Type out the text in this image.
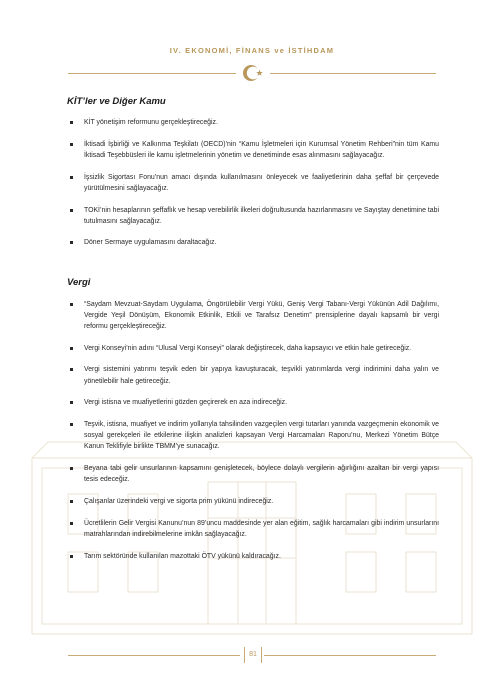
IV. EKONOMİ, FİNANS ve İSTİHDAM
KİT’ler ve Diğer Kamu
KİT yönetişim reformunu gerçekleştireceğiz.
İktisadi İşbirliği ve Kalkınma Teşkilatı (OECD)’nin “Kamu İşletmeleri için Kurumsal Yönetim Rehberi”nin tüm Kamu İktisadi Teşebbüsleri ile kamu işletmelerinin yönetim ve denetiminde esas alınmasını sağlayacağız.
İşsizlik Sigortası Fonu’nun amacı dışında kullanılmasını önleyecek ve faaliyetlerinin daha şeffaf bir çerçevede yürütülmesini sağlayacağız.
TOKİ’nin hesaplarının şeffaflık ve hesap verebilirlik ilkeleri doğrultusunda hazırlanmasını ve Sayıştay denetimine tabi tutulmasını sağlayacağız.
Döner Sermaye uygulamasını daraltacağız.
Vergi
“Saydam Mevzuat-Saydam Uygulama, Öngörülebilir Vergi Yükü, Geniş Vergi Tabanı-Vergi Yükünün Adil Dağılımı, Vergide Yeşil Dönüşüm, Ekonomik Etkinlik, Etkili ve Tarafsız Denetim” prensiplerine dayalı kapsamlı bir vergi reformu gerçekleştireceğiz.
Vergi Konseyi’nin adını “Ulusal Vergi Konseyi” olarak değiştirecek, daha kapsayıcı ve etkin hale getireceğiz.
Vergi sistemini yatırımı teşvik eden bir yapıya kavuşturacak, teşvikli yatırımlarda vergi indirimini daha yalın ve yönetilebilir hale getireceğiz.
Vergi istisna ve muafiyetlerini gözden geçirerek en aza indireceğiz.
Teşvik, istisna, muafiyet ve indirim yollarıyla tahsilinden vazgeçilen vergi tutarları yanında vazgeçmenin ekonomik ve sosyal gerekçeleri ile etkilerine ilişkin analizleri kapsayan Vergi Harcamaları Raporu’nu, Merkezi Yönetim Bütçe Kanun Teklifiyle birlikte TBMM’ye sunacağız.
Beyana tabi gelir unsurlarının kapsamını genişletecek, böylece dolaylı vergilerin ağırlığını azaltan bir vergi yapısı tesis edeceğiz.
Çalışanlar üzerindeki vergi ve sigorta prim yükünü indireceğiz.
Ücretlilerin Gelir Vergisi Kanunu’nun 89’uncu maddesinde yer alan eğitim, sağlık harcamaları gibi indirim unsurlarını matrahlarından indirebilmelerine imkân sağlayacağız.
Tarım sektöründe kullanılan mazottaki ÖTV yükünü kaldıracağız.
81
